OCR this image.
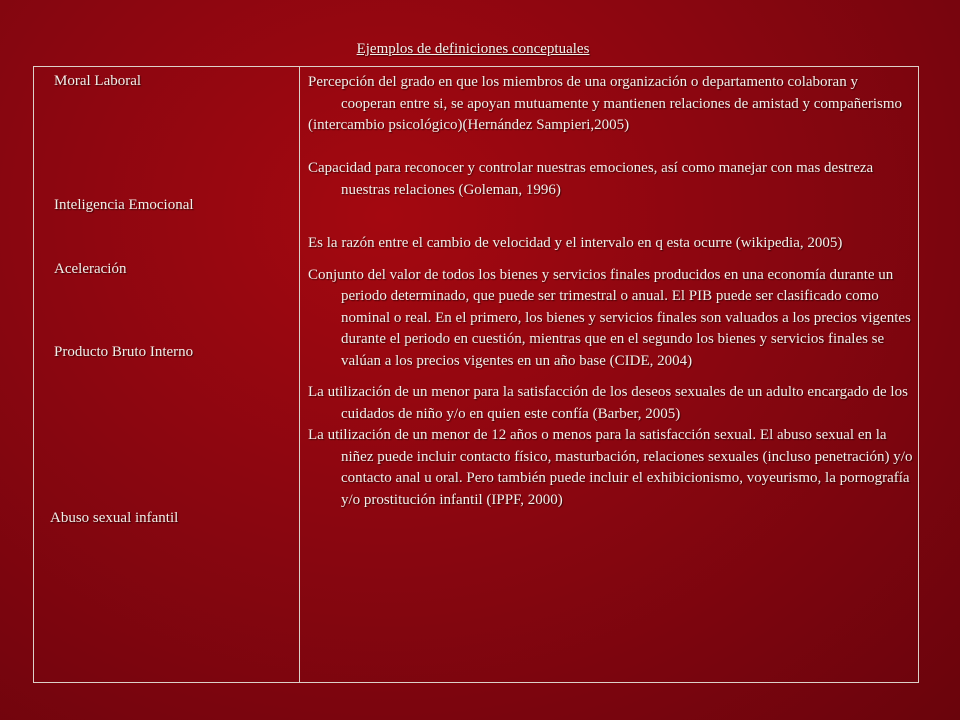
Ejemplos de definiciones conceptuales
Moral Laboral
Inteligencia Emocional
Aceleración
Producto Bruto Interno
Abuso sexual infantil

Percepción del grado en que los miembros de una organización o departamento colaboran y cooperan entre si, se apoyan mutuamente y mantienen relaciones de amistad y compañerismo

(intercambio psicológico)(Hernández Sampieri,2005)

Capacidad para reconocer y controlar nuestras emociones, así como manejar con mas destreza nuestras relaciones (Goleman, 1996)

Es la razón entre el cambio de velocidad y el intervalo en q esta ocurre (wikipedia, 2005)

Conjunto del valor de todos los bienes y servicios finales producidos en una economía durante un periodo determinado, que puede ser trimestral o anual. El PIB puede ser clasificado como nominal o real. En el primero, los bienes y servicios finales son valuados a los precios vigentes durante el periodo en cuestión, mientras que en el segundo los bienes y servicios finales se valúan a los precios vigentes en un año base (CIDE, 2004)

La utilización de un menor para la satisfacción de los deseos sexuales de un adulto encargado de los cuidados de niño y/o en quien este confía (Barber, 2005)

La utilización de un menor de 12 años o menos para la satisfacción sexual. El abuso sexual en la niñez puede incluir contacto físico, masturbación, relaciones sexuales (incluso penetración) y/o contacto anal u oral. Pero también puede incluir el exhibicionismo, voyeurismo, la pornografía y/o prostitución infantil (IPPF, 2000)
